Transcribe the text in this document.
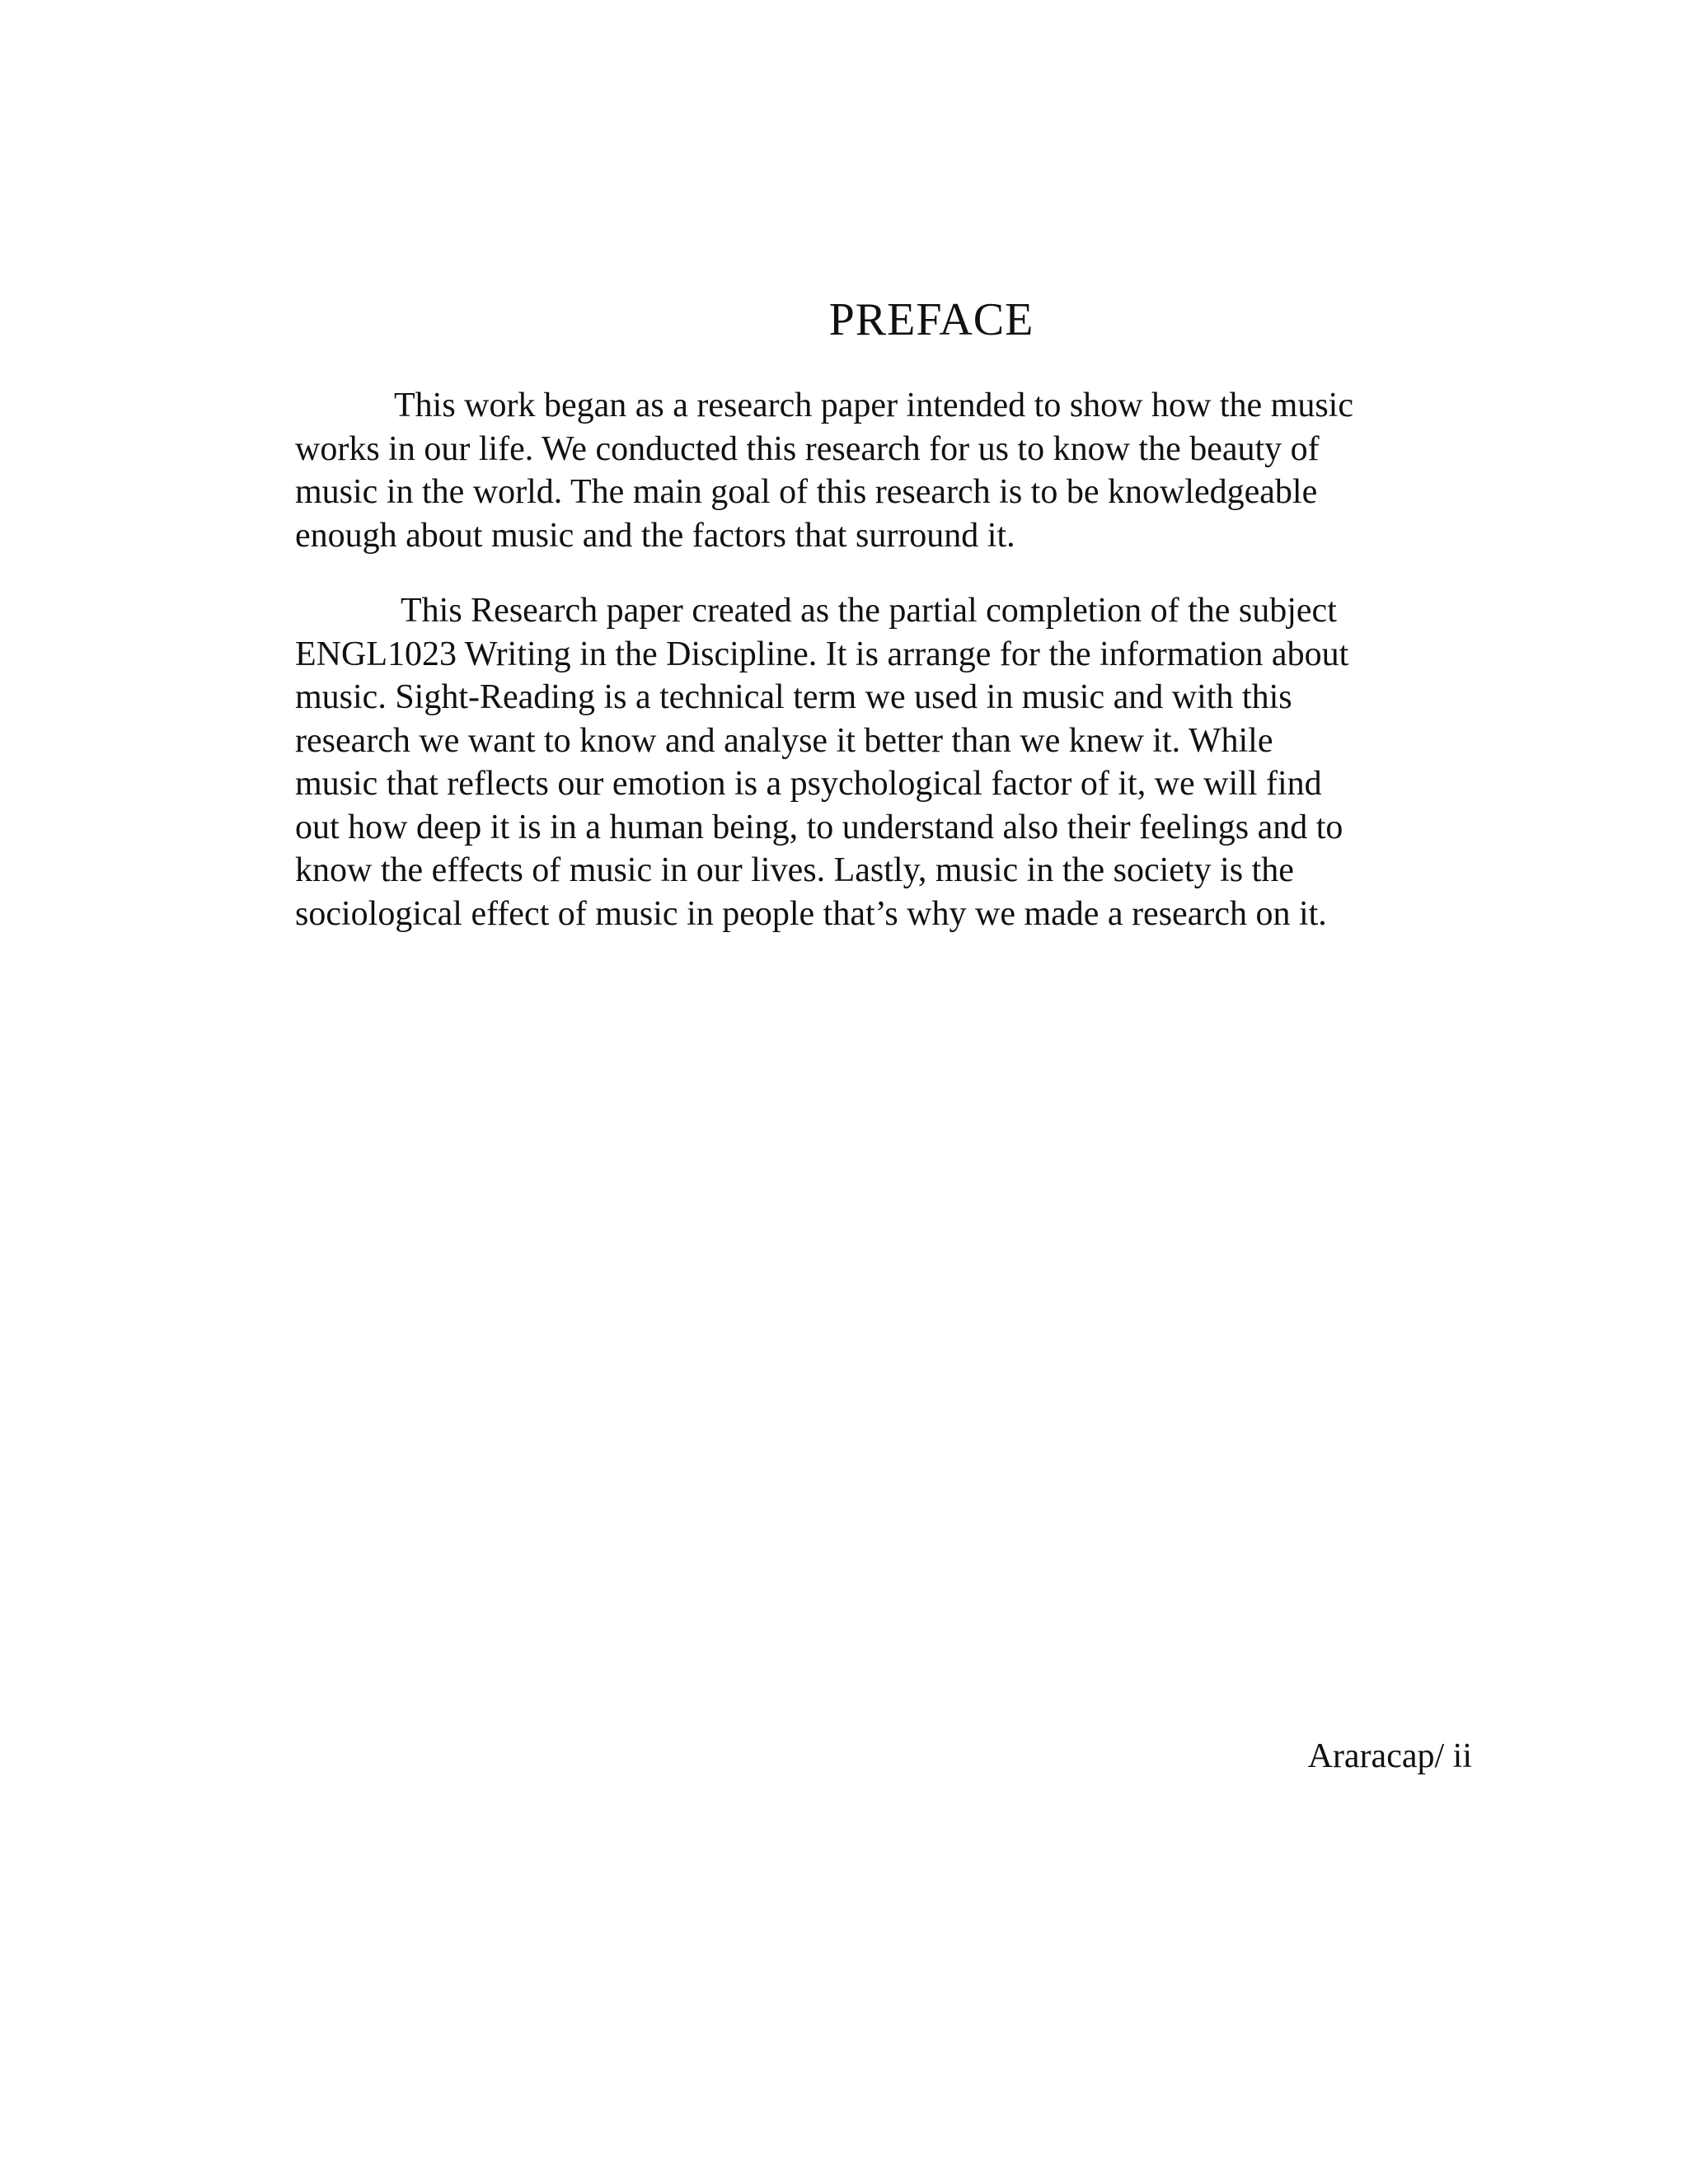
PREFACE

This work began as a research paper intended to show how the music
works in our life. We conducted this research for us to know the beauty of
music in the world. The main goal of this research is to be knowledgeable
enough about music and the factors that surround it.

This Research paper created as the partial completion of the subject
ENGL1023 Writing in the Discipline. It is arrange for the information about
music. Sight-Reading is a technical term we used in music and with this
research we want to know and analyse it better than we knew it. While
music that reflects our emotion is a psychological factor of it, we will find
out how deep it is in a human being, to understand also their feelings and to
know the effects of music in our lives. Lastly, music in the society is the
sociological effect of music in people that’s why we made a research on it.

Araracap/ ii
